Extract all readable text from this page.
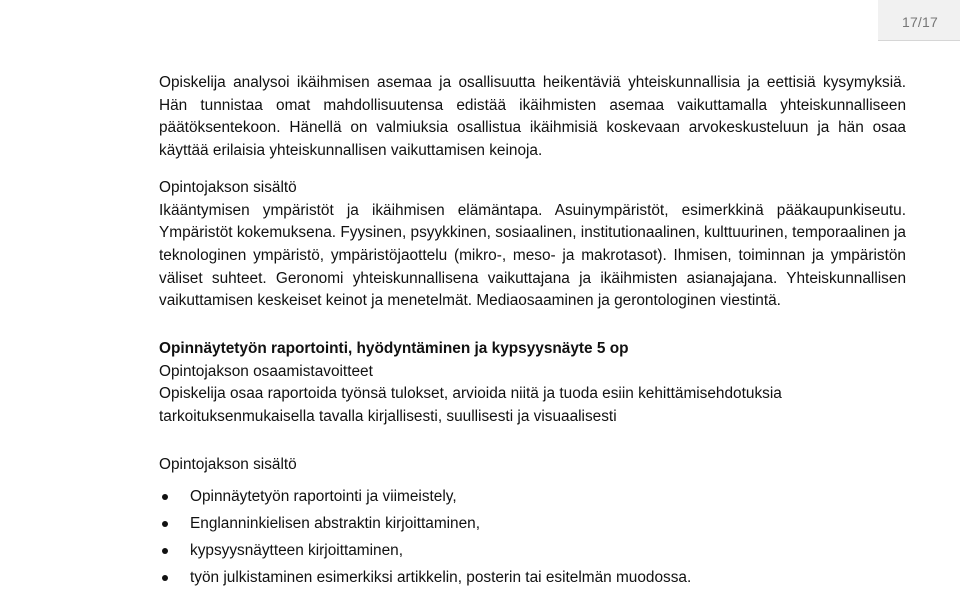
17/17

Opiskelija analysoi ikäihmisen asemaa ja osallisuutta heikentäviä yhteiskunnallisia ja eettisiä kysymyksiä. Hän tunnistaa omat mahdollisuutensa edistää ikäihmisten asemaa vaikuttamalla yhteiskunnalliseen päätöksentekoon. Hänellä on valmiuksia osallistua ikäihmisiä koskevaan arvokeskusteluun ja hän osaa käyttää erilaisia yhteiskunnallisen vaikuttamisen keinoja.

Opintojakson sisältö

Ikääntymisen ympäristöt ja ikäihmisen elämäntapa. Asuinympäristöt, esimerkkinä pääkaupunkiseutu. Ympäristöt kokemuksena. Fyysinen, psyykkinen, sosiaalinen, institutionaalinen, kulttuurinen, temporaalinen ja teknologinen ympäristö, ympäristöjaottelu (mikro-, meso- ja makrotasot). Ihmisen, toiminnan ja ympäristön väliset suhteet. Geronomi yhteiskunnallisena vaikuttajana ja ikäihmisten asianajajana. Yhteiskunnallisen vaikuttamisen keskeiset keinot ja menetelmät. Mediaosaaminen ja gerontologinen viestintä.

Opinnäytetyön raportointi, hyödyntäminen ja kypsyysnäyte 5 op

Opintojakson osaamistavoitteet

Opiskelija osaa raportoida työnsä tulokset, arvioida niitä ja tuoda esiin kehittämisehdotuksia

tarkoituksenmukaisella tavalla kirjallisesti, suullisesti ja visuaalisesti

Opintojakson sisältö

Opinnäytetyön raportointi ja viimeistely,
Englanninkielisen abstraktin kirjoittaminen,
kypsyysnäytteen kirjoittaminen,
työn julkistaminen esimerkiksi artikkelin, posterin tai esitelmän muodossa.
